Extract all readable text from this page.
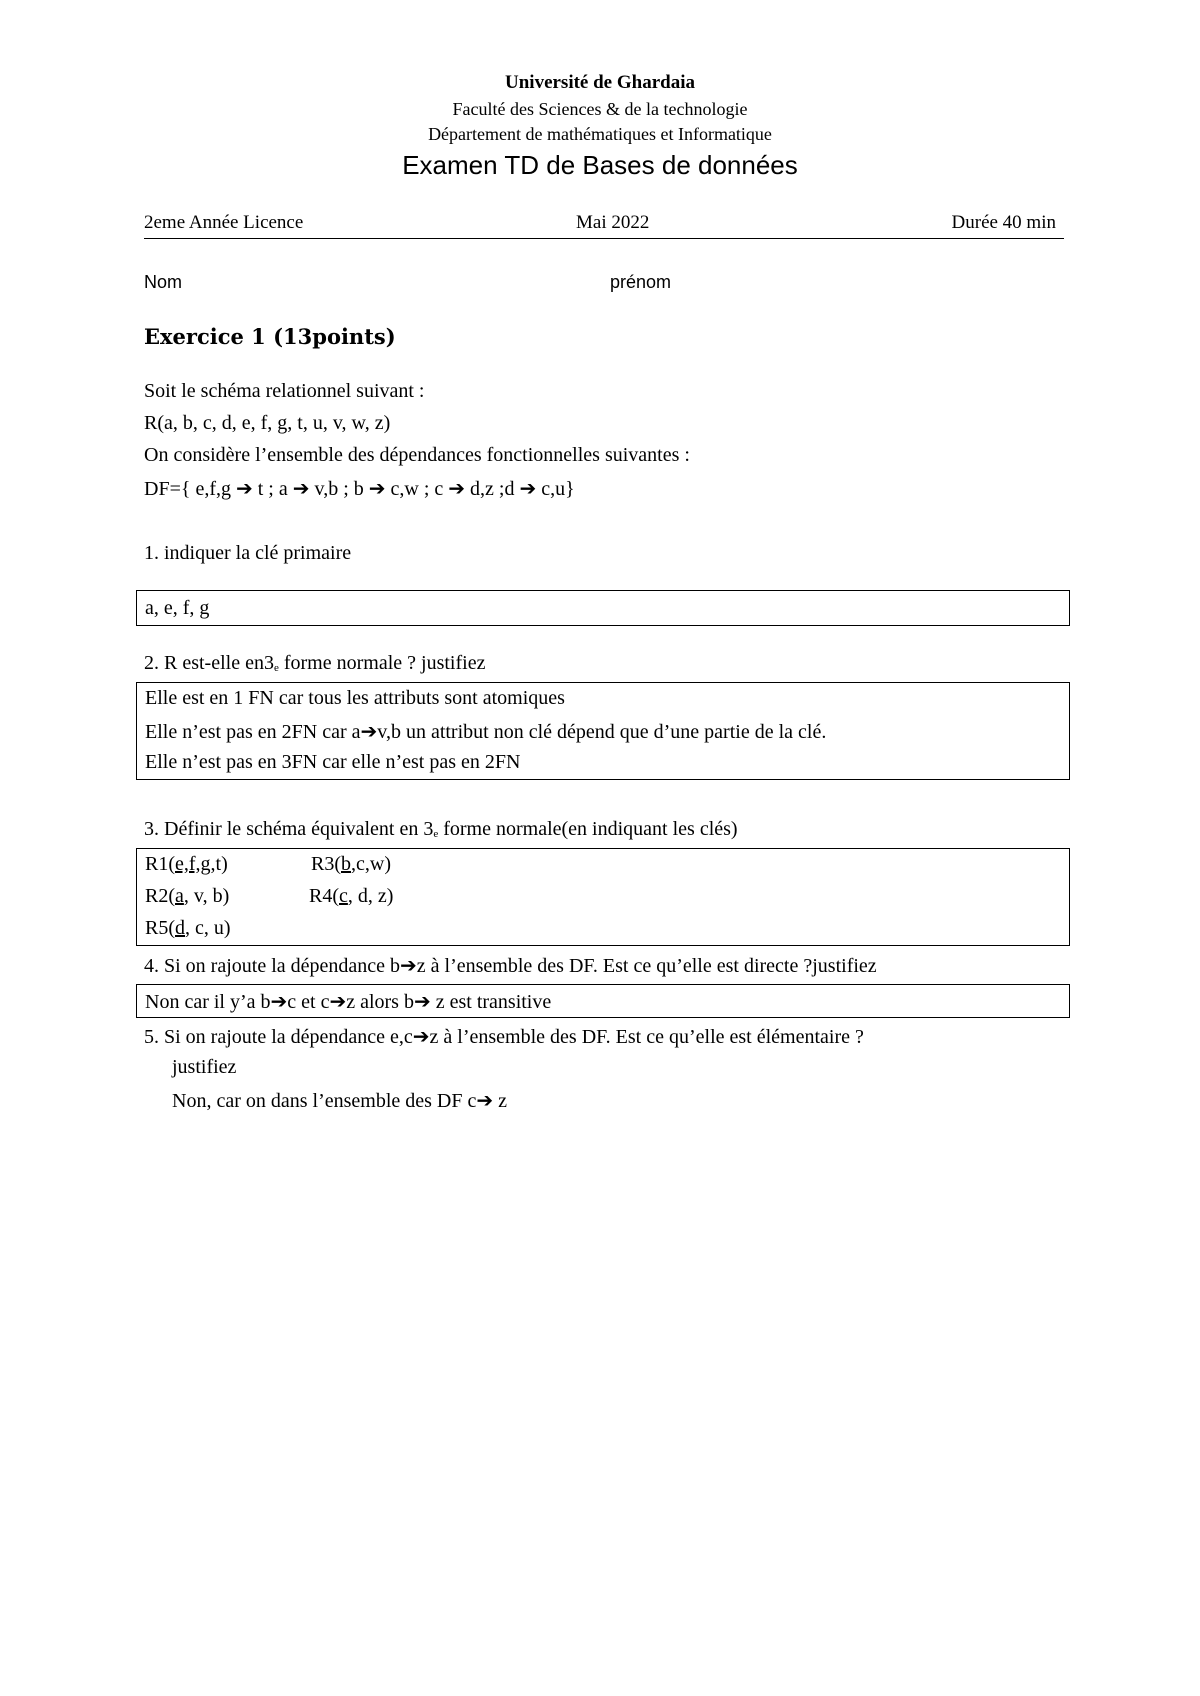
Université de Ghardaia
Faculté des Sciences & de la technologie
Département de mathématiques et Informatique
Examen TD de Bases de données
2eme Année Licence	Mai 2022	Durée 40 min
Nom	prénom
Exercice 1 (13points)
Soit le schéma relationnel suivant :
R(a, b, c, d, e, f, g, t, u, v, w, z)
On considère l’ensemble des dépendances fonctionnelles suivantes :
DF={ e,f,g ➔ t ; a ➔ v,b ; b ➔ c,w ; c ➔ d,z ;d ➔ c,u}
1. indiquer la clé primaire
a, e, f, g
2. R est-elle $en3_e$ forme normale ? justifiez
Elle est en 1 FN car tous les attributs sont atomiques
Elle n’est pas en 2FN car a➔v,b un attribut non clé dépend que d’une partie de la clé.
Elle n’est pas en 3FN car elle n’est pas en 2FN
3. Définir le schéma équivalent en $3_e$ forme normale(en indiquant les clés)
R1(e,f,g,t)	R3(b,c,w)
R2(a, v, b)	R4(c, d, z)
R5(d, c, u)
4. Si on rajoute la dépendance b➔z à l’ensemble des DF. Est ce qu’elle est directe ?justifiez
Non car il y’a b➔c et c➔z alors b➔ z est transitive
5. Si on rajoute la dépendance e,c➔z à l’ensemble des DF. Est ce qu’elle est élémentaire ?
justifiez
Non, car on dans l’ensemble des DF c➔ z
